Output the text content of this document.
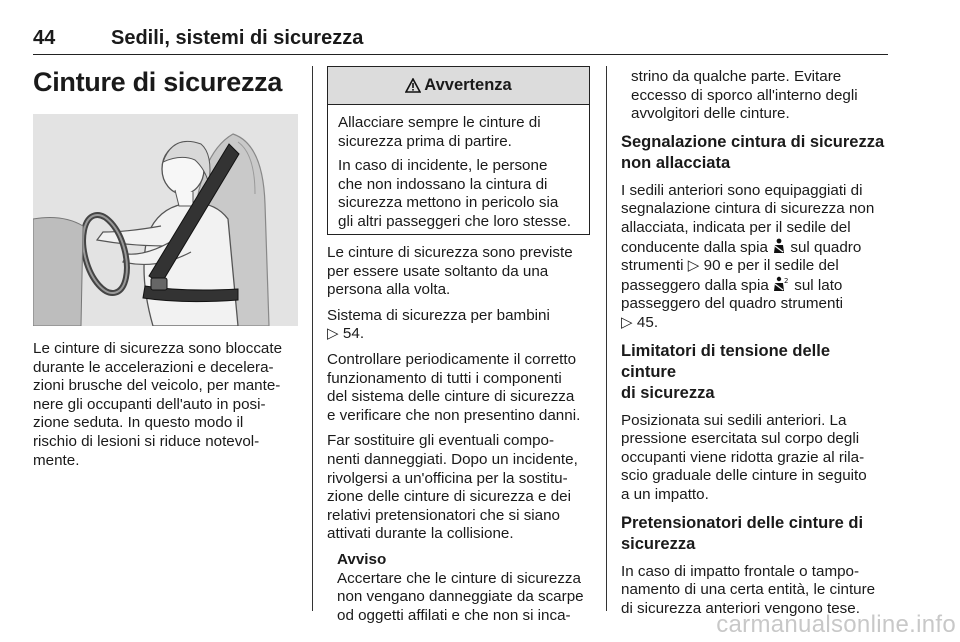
44	Sedili, sistemi di sicurezza
Cinture di sicurezza
Le cinture di sicurezza sono bloccate
durante le accelerazioni e decelera-
zioni brusche del veicolo, per mante-
nere gli occupanti dell'auto in posi-
zione seduta. In questo modo il
rischio di lesioni si riduce notevol-
mente.
Avvertenza
Allacciare sempre le cinture di
sicurezza prima di partire.
In caso di incidente, le persone
che non indossano la cintura di
sicurezza mettono in pericolo sia
gli altri passeggeri che loro stesse.
Le cinture di sicurezza sono previste
per essere usate soltanto da una
persona alla volta.
Sistema di sicurezza per bambini
▷ 54.
Controllare periodicamente il corretto
funzionamento di tutti i componenti
del sistema delle cinture di sicurezza
e verificare che non presentino danni.
Far sostituire gli eventuali compo-
nenti danneggiati. Dopo un incidente,
rivolgersi a un'officina per la sostitu-
zione delle cinture di sicurezza e dei
relativi pretensionatori che si siano
attivati durante la collisione.
Avviso
Accertare che le cinture di sicurezza
non vengano danneggiate da scarpe
od oggetti affilati e che non si inca-
strino da qualche parte. Evitare
eccesso di sporco all'interno degli
avvolgitori delle cinture.
Segnalazione cintura di sicurezza
non allacciata
I sedili anteriori sono equipaggiati di
segnalazione cintura di sicurezza non
allacciata, indicata per il sedile del
conducente dalla spia sul quadro
strumenti ▷ 90 e per il sedile del
passeggero dalla spia 2 sul lato
passeggero del quadro strumenti
▷ 45.
Limitatori di tensione delle cinture
di sicurezza
Posizionata sui sedili anteriori. La
pressione esercitata sul corpo degli
occupanti viene ridotta grazie al rila-
scio graduale delle cinture in seguito
a un impatto.
Pretensionatori delle cinture di
sicurezza
In caso di impatto frontale o tampo-
namento di una certa entità, le cinture
di sicurezza anteriori vengono tese.
carmanualsonline.info
